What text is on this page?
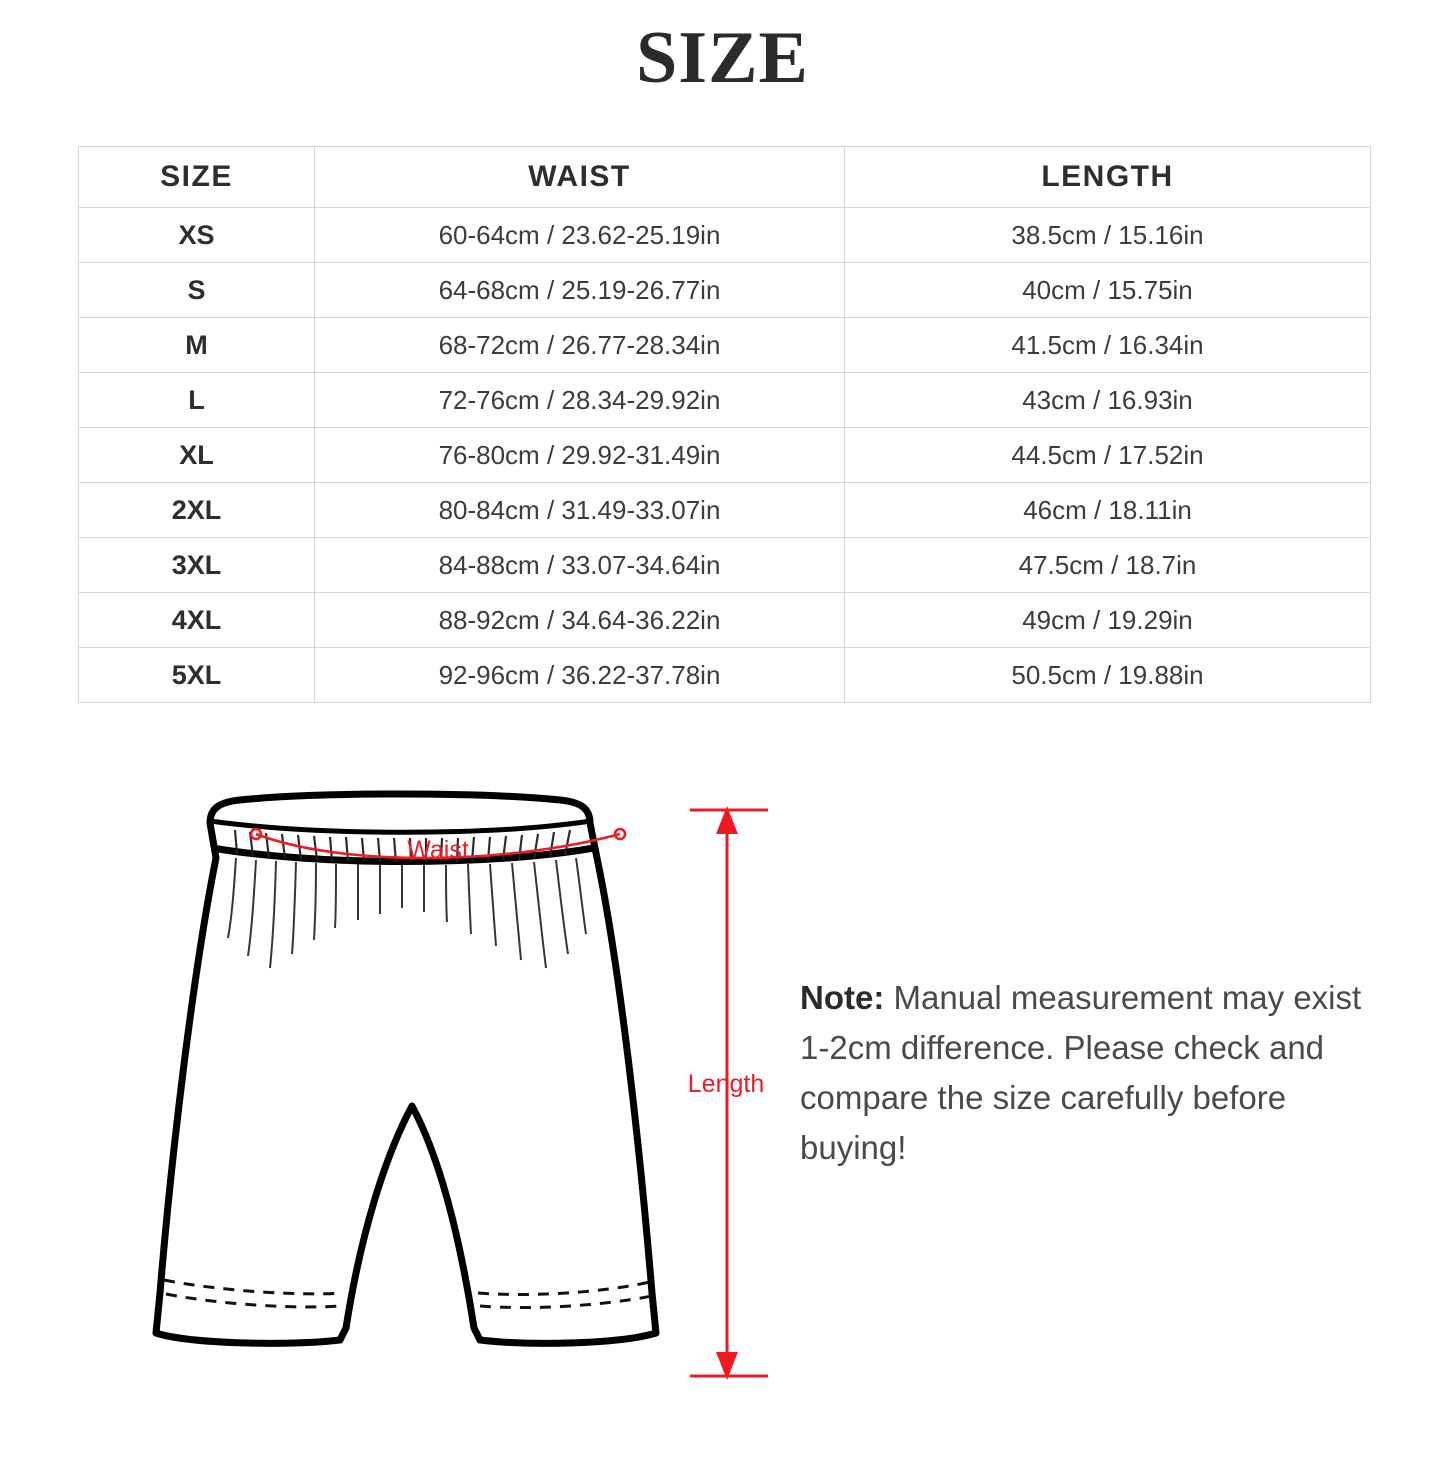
SIZE
SIZE	WAIST	LENGTH
XS	60-64cm / 23.62-25.19in	38.5cm / 15.16in
S	64-68cm / 25.19-26.77in	40cm / 15.75in
M	68-72cm / 26.77-28.34in	41.5cm / 16.34in
L	72-76cm / 28.34-29.92in	43cm / 16.93in
XL	76-80cm / 29.92-31.49in	44.5cm / 17.52in
2XL	80-84cm / 31.49-33.07in	46cm / 18.11in
3XL	84-88cm / 33.07-34.64in	47.5cm / 18.7in
4XL	88-92cm / 34.64-36.22in	49cm / 19.29in
5XL	92-96cm / 36.22-37.78in	50.5cm / 19.88in
Waist
Length
Note: Manual measurement may exist 1-2cm difference. Please check and compare the size carefully before buying!
